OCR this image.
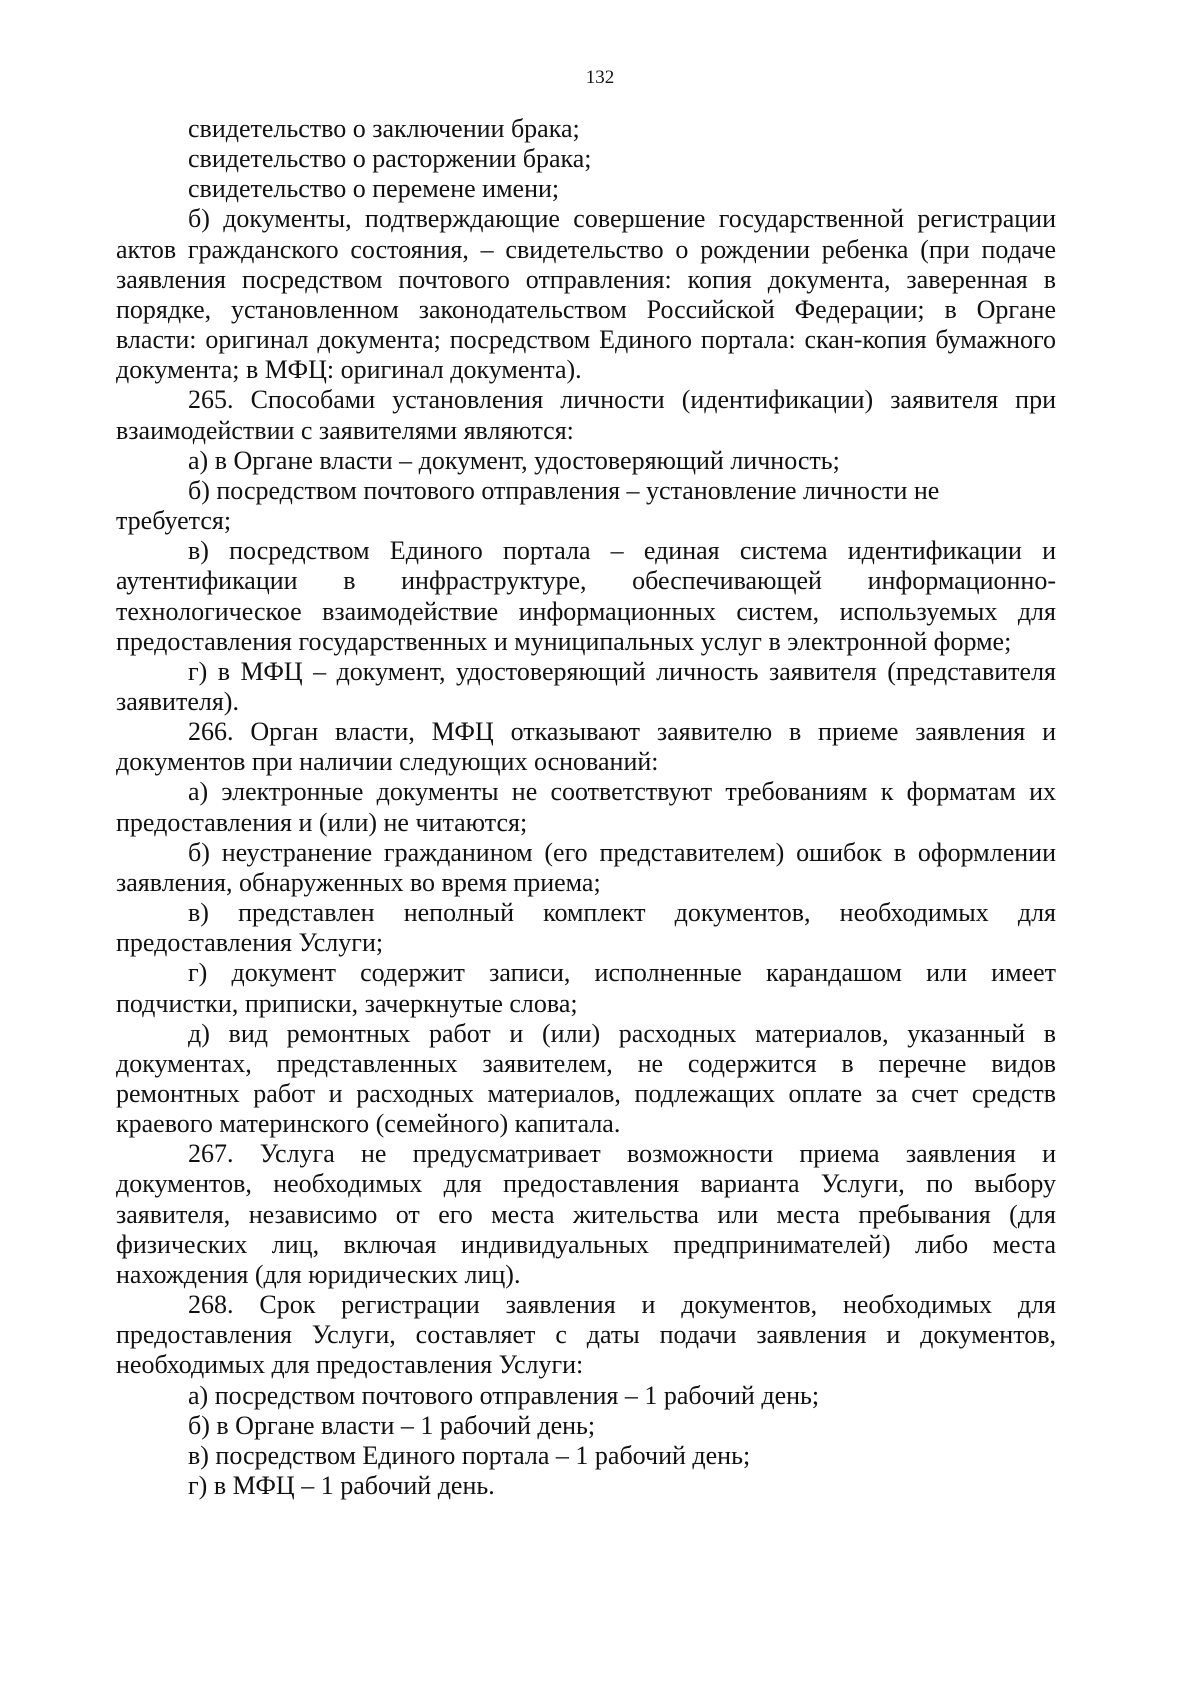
132

свидетельство о заключении брака;

свидетельство о расторжении брака;

свидетельство о перемене имени;

б) документы, подтверждающие совершение государственной регистрации актов гражданского состояния, – свидетельство о рождении ребенка (при подаче заявления посредством почтового отправления: копия документа, заверенная в порядке, установленном законодательством Российской Федерации; в Органе власти: оригинал документа; посредством Единого портала: скан-копия бумажного документа; в МФЦ: оригинал документа).

265. Способами установления личности (идентификации) заявителя при взаимодействии с заявителями являются:

а) в Органе власти – документ, удостоверяющий личность;

б) посредством почтового отправления – установление личности не требуется;

в) посредством Единого портала – единая система идентификации и аутентификации в инфраструктуре, обеспечивающей информационно-технологическое взаимодействие информационных систем, используемых для предоставления государственных и муниципальных услуг в электронной форме;

г) в МФЦ – документ, удостоверяющий личность заявителя (представителя заявителя).

266. Орган власти, МФЦ отказывают заявителю в приеме заявления и документов при наличии следующих оснований:

а) электронные документы не соответствуют требованиям к форматам их предоставления и (или) не читаются;

б) неустранение гражданином (его представителем) ошибок в оформлении заявления, обнаруженных во время приема;

в) представлен неполный комплект документов, необходимых для предоставления Услуги;

г) документ содержит записи, исполненные карандашом или имеет подчистки, приписки, зачеркнутые слова;

д) вид ремонтных работ и (или) расходных материалов, указанный в документах, представленных заявителем, не содержится в перечне видов ремонтных работ и расходных материалов, подлежащих оплате за счет средств краевого материнского (семейного) капитала.

267. Услуга не предусматривает возможности приема заявления и документов, необходимых для предоставления варианта Услуги, по выбору заявителя, независимо от его места жительства или места пребывания (для физических лиц, включая индивидуальных предпринимателей) либо места нахождения (для юридических лиц).

268. Срок регистрации заявления и документов, необходимых для предоставления Услуги, составляет с даты подачи заявления и документов, необходимых для предоставления Услуги:

а) посредством почтового отправления – 1 рабочий день;

б) в Органе власти – 1 рабочий день;

в) посредством Единого портала – 1 рабочий день;

г) в МФЦ – 1 рабочий день.
